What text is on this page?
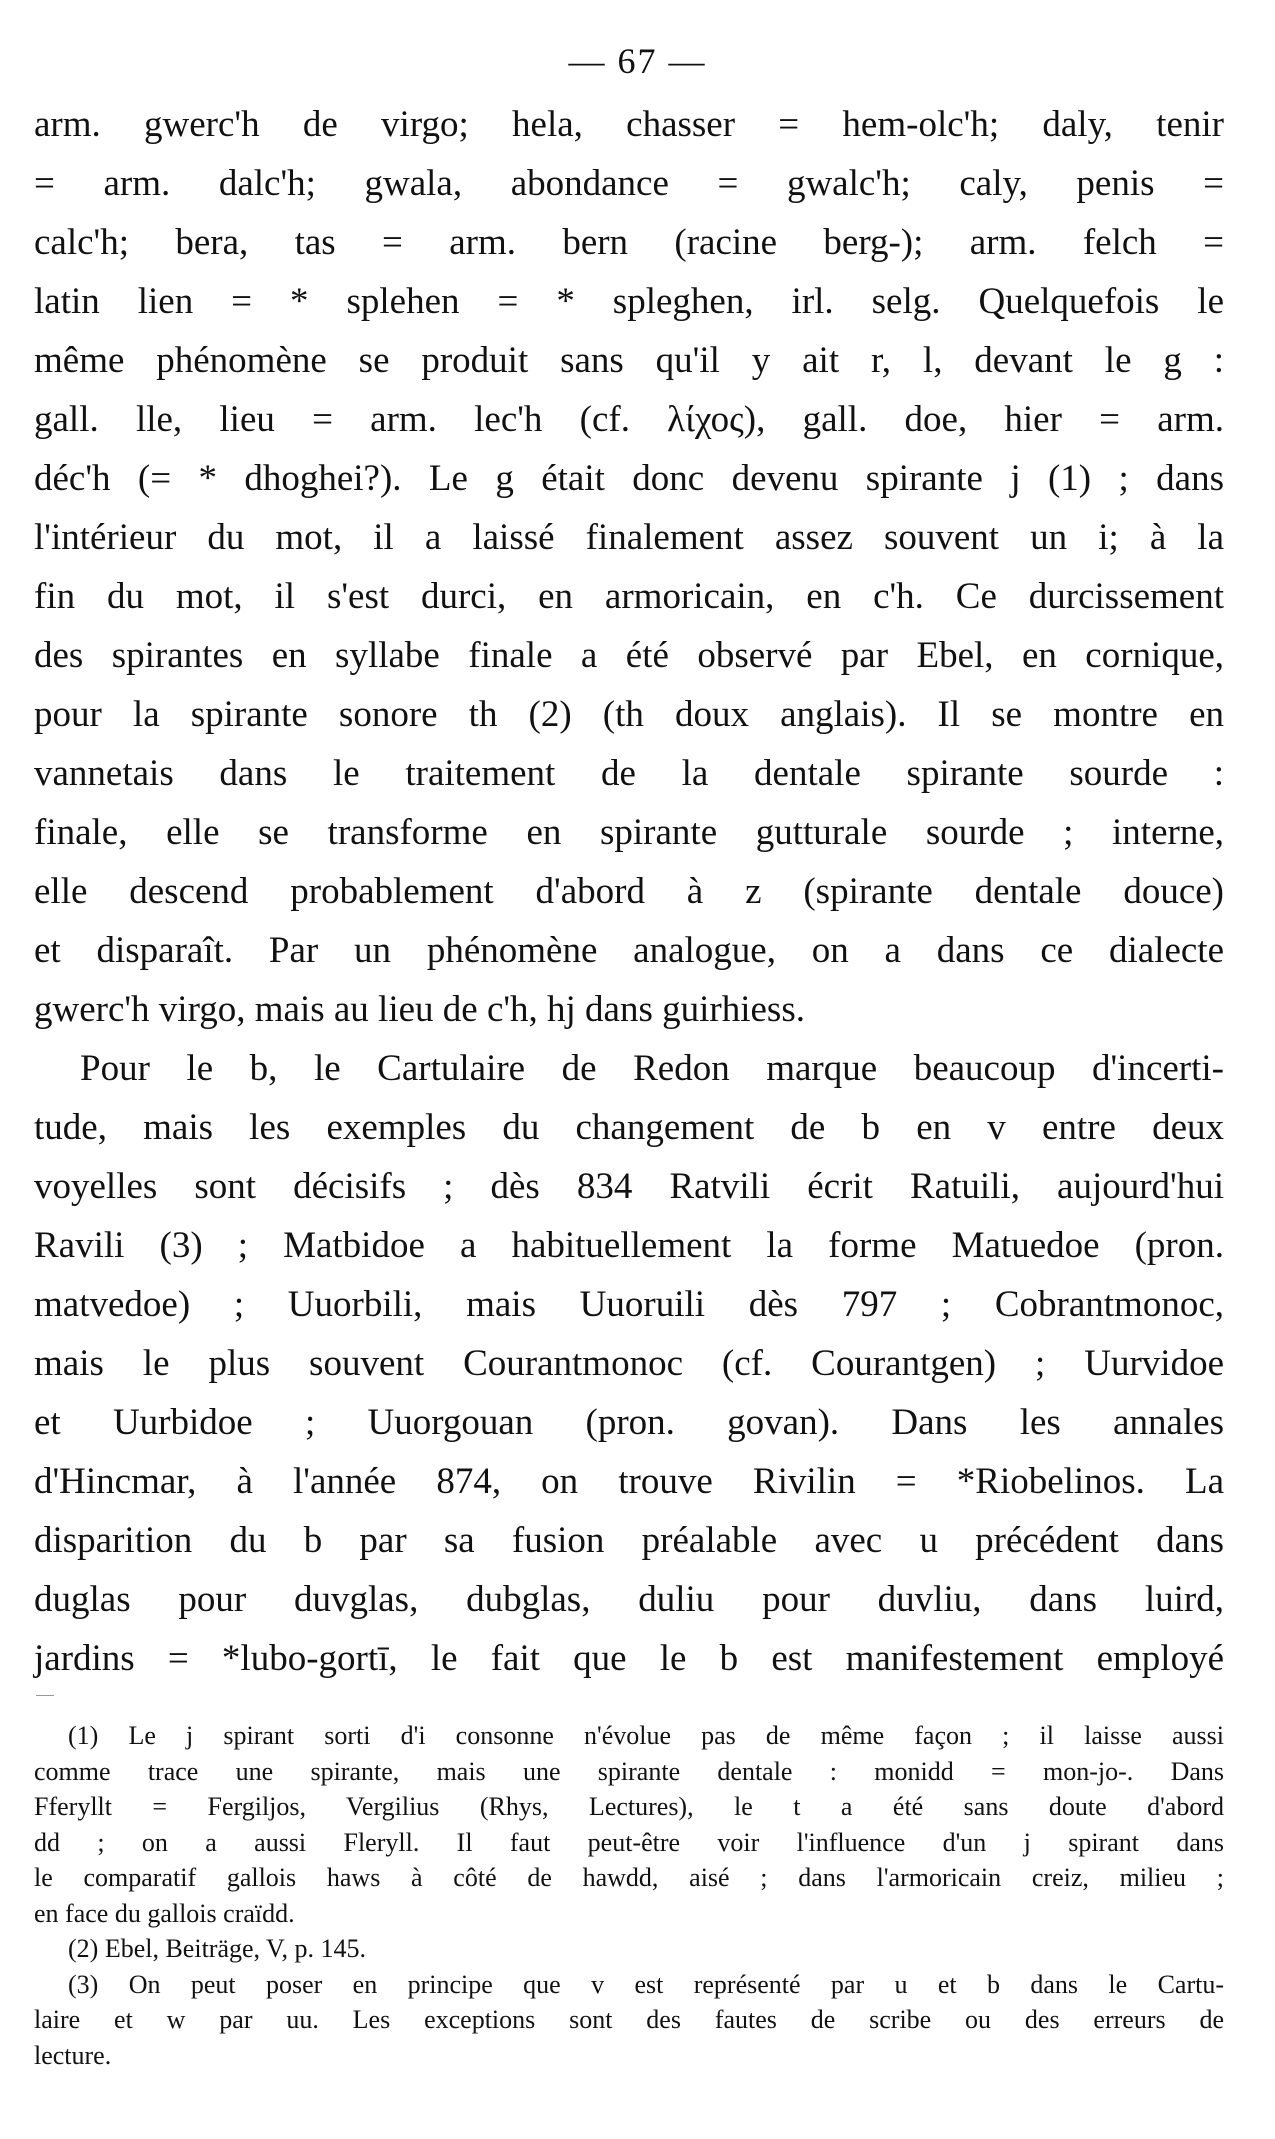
— 67 —
arm. gwerc'h de virgo; hela, chasser = hem-olc'h; daly, tenir
= arm. dalc'h; gwala, abondance = gwalc'h; caly, penis =
calc'h; bera, tas = arm. bern (racine berg-); arm. felch =
latin lien = * splehen = * spleghen, irl. selg. Quelquefois le
même phénomène se produit sans qu'il y ait r, l, devant le g :
gall. lle, lieu = arm. lec'h (cf. λίχος), gall. doe, hier = arm.
déc'h (= * dhoghei?). Le g était donc devenu spirante j (1) ; dans
l'intérieur du mot, il a laissé finalement assez souvent un i; à la
fin du mot, il s'est durci, en armoricain, en c'h. Ce durcissement
des spirantes en syllabe finale a été observé par Ebel, en cornique,
pour la spirante sonore th (2) (th doux anglais). Il se montre en
vannetais dans le traitement de la dentale spirante sourde :
finale, elle se transforme en spirante gutturale sourde ; interne,
elle descend probablement d'abord à z (spirante dentale douce)
et disparaît. Par un phénomène analogue, on a dans ce dialecte
gwerc'h virgo, mais au lieu de c'h, hj dans guirhiess.
Pour le b, le Cartulaire de Redon marque beaucoup d'incerti-
tude, mais les exemples du changement de b en v entre deux
voyelles sont décisifs ; dès 834 Ratvili écrit Ratuili, aujourd'hui
Ravili (3) ; Matbidoe a habituellement la forme Matuedoe (pron.
matvedoe) ; Uuorbili, mais Uuoruili dès 797 ; Cobrantmonoc,
mais le plus souvent Courantmonoc (cf. Courantgen) ; Uurvidoe
et Uurbidoe ; Uuorgouan (pron. govan). Dans les annales
d'Hincmar, à l'année 874, on trouve Rivilin = *Riobelinos. La
disparition du b par sa fusion préalable avec u précédent dans
duglas pour duvglas, dubglas, duliu pour duvliu, dans luird,
jardins = *lubo-gortī, le fait que le b est manifestement employé
(1) Le j spirant sorti d'i consonne n'évolue pas de même façon ; il laisse aussi
comme trace une spirante, mais une spirante dentale : monidd = mon-jo-. Dans
Fferyllt = Fergiljos, Vergilius (Rhys, Lectures), le t a été sans doute d'abord
dd ; on a aussi Fleryll. Il faut peut-être voir l'influence d'un j spirant dans
le comparatif gallois haws à côté de hawdd, aisé ; dans l'armoricain creiz, milieu ;
en face du gallois craïdd.
(2) Ebel, Beiträge, V, p. 145.
(3) On peut poser en principe que v est représenté par u et b dans le Cartu-
laire et w par uu. Les exceptions sont des fautes de scribe ou des erreurs de
lecture.
